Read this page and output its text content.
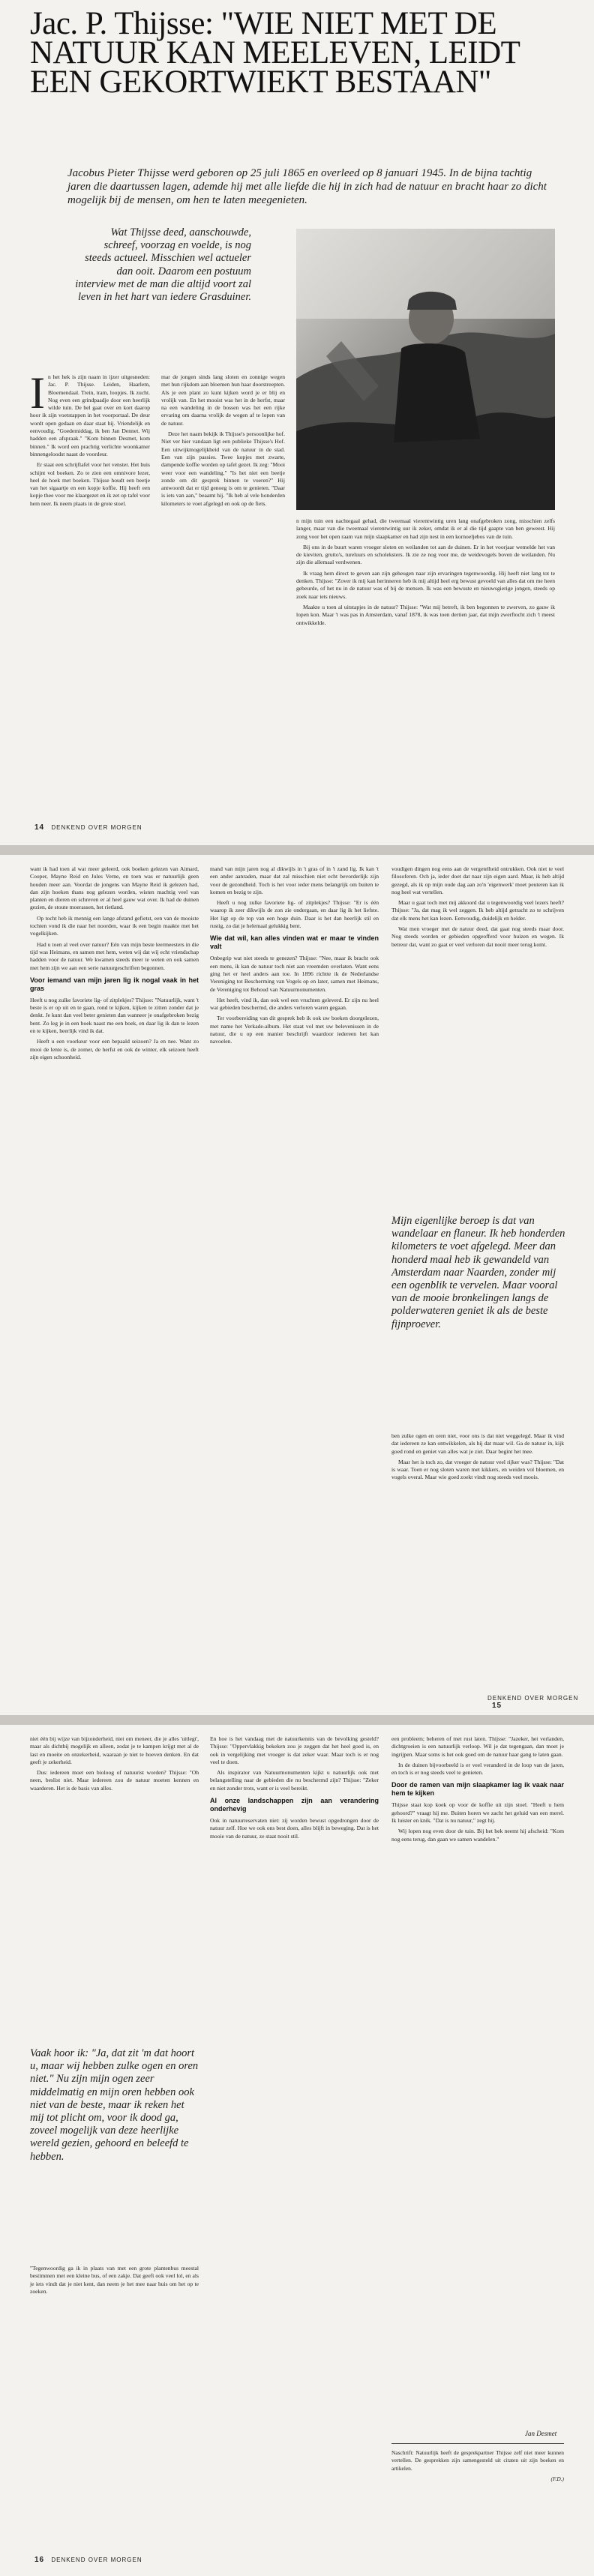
Jac. P. Thijsse: "WIE NIET MET DE NATUUR KAN MEELEVEN, LEIDT EEN GEKORTWIEKT BESTAAN"
Jacobus Pieter Thijsse werd geboren op 25 juli 1865 en overleed op 8 januari 1945. In de bijna tachtig jaren die daartussen lagen, ademde hij met alle liefde die hij in zich had de natuur en bracht haar zo dicht mogelijk bij de mensen, om hen te laten meegenieten.
Wat Thijsse deed, aanschouwde, schreef, voorzag en voelde, is nog steeds actueel. Misschien wel actueler dan ooit. Daarom een postuum interview met de man die altijd voort zal leven in het hart van iedere Grasduiner.

In het hek is zijn naam in ijzer uitgesneden: Jac. P. Thijsse. Leiden, Haarlem, Bloemendaal. Trein, tram, loopjes. Ik zucht. Nog even een grindpaadje door een heerlijk wilde tuin. De bel gaat over en kort daarop hoor ik zijn voetstappen in het voorportaal. De deur wordt open gedaan en daar staat hij. Vriendelijk en eenvoudig. "Goedemiddag, ik ben Jan Dennet. Wij hadden een afspraak." "Kom binnen Desmet, kom binnen." Ik word een prachtig verlichte woonkamer binnengeloodst naast de voordeur.

Er staat een schrijftafel voor het venster. Het huis schijnt vol boeken. Zo te zien een omnivore lezer, heel de hoek met boeken. Thijsse houdt een beetje van het sigaartje en een kopje koffie. Hij heeft een kopje thee voor me klaargezet en ik zet op tafel voor hem neer. Ik neem plaats in de grote stoel.

mar de jongen sinds lang sloten en zonnige wegen met hun rijkdom aan bloemen hun haar doorstreepten. Als je een plant zo kunt kijken word je er blij en vrolijk van. En het mooist was het in de herfst, maar na een wandeling in de bossen was het een rijke ervaring om daarna vrolijk de wegen af te lopen van de natuur.

Deze het naam bekijk ik Thijsse's persoonlijke hof. Niet ver hier vandaan ligt een publieke Thijsse's Hof. Een uitwijkmogelijkheid van de natuur in de stad. Een van zijn passies. Twee kopjes met zwarte, dampende koffie worden op tafel gezet. Ik zeg: "Mooi weer voor een wandeling." "Is het niet een beetje zonde om dit gesprek binnen te voeren?" Hij antwoordt dat er tijd genoeg is om te genieten. "Daar is iets van aan," beaamt hij. "Ik heb al vele honderden kilometers te voet afgelegd en ook op de fiets.

n mijn tuin een nachtegaal gehad, die tweemaal vierentwintig uren lang onafgebroken zong, misschien zelfs langer, maar van die tweemaal vierentwintig uur ik zeker, omdat ik er al die tijd gaapte van ben geweest. Hij zong voor het open raam van mijn slaapkamer en had zijn nest in een kornoeljebos van de tuin.

Bij ons in de buurt waren vroeger sloten en weilanden tot aan de duinen. Er in het voorjaar wemelde het van de kieviten, grutto's, tureluurs en scholeksters. Ik zie ze nog voor me, de weidevogels boven de weilanden. Nu zijn die allemaal verdwenen.

Ik vraag hem direct te geven aan zijn geheugen naar zijn ervaringen tegenwoordig. Hij heeft niet lang tot te denken. Thijsse: "Zover ik mij kan herinneren heb ik mij altijd heel erg bewust gevoeld van alles dat om me heen gebeurde, of het nu in de natuur was of bij de mensen. Ik was een bewuste en nieuwsgierige jongen, steeds op zoek naar iets nieuws.

Maakte u toen al uitstapjes in de natuur? Thijsse: "Wat mij betreft, ik ben begonnen te zwerven, zo gauw ik lopen kon. Maar 't was pas in Amsterdam, vanaf 1878, ik was toen dertien jaar, dat mijn zwerftocht zich 't meest ontwikkelde.

14 DENKEND OVER MORGEN

want ik had toen al wat meer geleerd, ook boeken gelezen van Aimard, Cooper, Mayne Reid en Jules Verne, en toen was er natuurlijk geen houden meer aan. Voordat de jongens van Mayne Reid ik gelezen had, dan zijn hoeken thans nog gelezen worden, wisten machtig veel van planten en dieren en schreven er al heel gauw wat over. Ik had de duinen gezien, de stoute moerassen, het rietland.

Op tocht heb ik mennig een lange afstand gefietst, een van de mooiste tochten vond ik die naar het noorden, waar ik een begin maakte met het vogelkijken.

Had u toen al veel over natuur? Eén van mijn beste leermeesters in die tijd was Heimans, en samen met hem, weten wij dat wij echt vriendschap hadden voor de natuur. We kwamen steeds meer te weten en ook samen met hem zijn we aan een serie natuurgeschriften begonnen.

Voor iemand van mijn jaren lig ik nogal vaak in het gras

Heeft u nog zulke favoriete lig- of zitplekjes? Thijsse: "Natuurlijk, want 't beste is er op uit en te gaan, rond te kijken, kijken te zitten zonder dat je denkt. Je kunt dan veel beter genieten dan wanneer je onafgebroken bezig bent. Zo leg je in een boek naast me een boek, en daar lig ik dan te lezen en te kijken, heerlijk vind ik dat.

Heeft u een voorkeur voor een bepaald seizoen? Ja en nee. Want zo mooi de lente is, de zomer, de herfst en ook de winter, elk seizoen heeft zijn eigen schoonheid.

mand van mijn jaren nog al dikwijls in 't gras of in 't zand lig. Ik kan 't een ander aanraden, maar dat zal misschien niet echt bevorderlijk zijn voor de gezondheid. Toch is het voor ieder mens belangrijk om buiten te komen en bezig te zijn.

Heeft u nog zulke favoriete lig- of zitplekjes? Thijsse: "Er is één waarop ik zeer dikwijls de zon zie ondergaan, en daar lig ik het liefste. Het ligt op de top van een hoge duin. Daar is het dan heerlijk stil en rustig, zo dat je helemaal gelukkig bent.

Wie dat wil, kan alles vinden wat er maar te vinden valt

Onbegrip wat niet steeds te genezen? Thijsse: "Nee, maar ik bracht ook een mens, ik kan de natuur toch niet aan vreemden overlaten. Want eens ging het er heel anders aan toe. In 1896 richtte ik de Nederlandse Vereniging tot Bescherming van Vogels op en later, samen met Heimans, de Vereniging tot Behoud van Natuurmonumenten.

Het heeft, vind ik, dan ook wel een vruchten geleverd. Er zijn nu heel wat gebieden beschermd, die anders verloren waren gegaan.

Ter voorbereiding van dit gesprek heb ik ook uw boeken doorgelezen, met name het Verkade-album. Het staat vol met uw belevenissen in de natuur, die u op een manier beschrijft waardoor iedereen het kan navoelen.

voudigen dingen nog eens aan de vergetelheid ontrukken. Ook niet te veel filosoferen. Och ja, ieder doet dat naar zijn eigen aard. Maar, ik heb altijd gezegd, als ik op mijn oude dag aan zo'n 'eigenwerk' moet peuteren kan ik nog heel wat vertellen.

Maar u gaat toch met mij akkoord dat u tegenwoordig veel lezers heeft? Thijsse: "Ja, dat mag ik wel zeggen. Ik heb altijd getracht zo te schrijven dat elk mens het kan lezen. Eenvoudig, duidelijk en helder.

Wat men vroeger met de natuur deed, dat gaat nog steeds maar door. Nog steeds worden er gebieden opgeofferd voor huizen en wegen. Ik betreur dat, want zo gaat er veel verloren dat nooit meer terug komt.

Mijn eigenlijke beroep is dat van wandelaar en flaneur. Ik heb honderden kilometers te voet afgelegd. Meer dan honderd maal heb ik gewandeld van Amsterdam naar Naarden, zonder mij een ogenblik te vervelen. Maar vooral van de mooie bronkelingen langs de polderwateren geniet ik als de beste fijnproever.

ben zulke ogen en oren niet, voor ons is dat niet weggelegd. Maar ik vind dat iedereen ze kan ontwikkelen, als hij dat maar wil. Ga de natuur in, kijk goed rond en geniet van alles wat je ziet. Daar begint het mee.

Maar het is toch zo, dat vroeger de natuur veel rijker was? Thijsse: "Dat is waar. Toen er nog sloten waren met kikkers, en weiden vol bloemen, en vogels overal. Maar wie goed zoekt vindt nog steeds veel moois.

DENKEND OVER MORGEN 15

niet één bij wijze van bijzonderheid, niet om meneer, die je alles 'uitlegt', maar als dichtbij mogelijk en alleen, zodat je te kampen krijgt met al de last en moeite en onzekerheid, waaraan je niet te hoeven denken. En dat geeft je zekerheid.

Dus: iedereen moet een bioloog of natuurist worden? Thijsse: "Oh neen, beslist niet. Maar iedereen zou de natuur moeten kennen en waarderen. Het is de basis van alles.

Vaak hoor ik: "Ja, dat zit 'm dat hoort u, maar wij hebben zulke ogen en oren niet." Nu zijn mijn ogen zeer middelmatig en mijn oren hebben ook niet van de beste, maar ik reken het mij tot plicht om, voor ik dood ga, zoveel mogelijk van deze heerlijke wereld gezien, gehoord en beleefd te hebben.

"Tegenwoordig ga ik in plaats van met een grote plantenbus meestal bestimmen met een kleine bus, of een zakje. Dat geeft ook veel lol, en als je iets vindt dat je niet kent, dan neem je het mee naar huis om het op te zoeken.

En hoe is het vandaag met de natuurkennis van de bevolking gesteld? Thijsse: "Oppervlakkig bekeken zou je zeggen dat het heel goed is, en ook in vergelijking met vroeger is dat zeker waar. Maar toch is er nog veel te doen.

Als inspirator van Natuurmonumenten kijkt u natuurlijk ook met belangstelling naar de gebieden die nu beschermd zijn? Thijsse: "Zeker en niet zonder trots, want er is veel bereikt.

Al onze landschappen zijn aan verandering onderhevig

Ook in natuurreservaten niet: zij worden bewust opgedrongen door de natuur zelf. Hoe we ook ons best doen, alles blijft in beweging. Dat is het mooie van de natuur, ze staat nooit stil.

een probleem; beheren of met rust laten. Thijsse: "Jazeker, het verlanden, dichtgroeien is een natuurlijk verloop. Wil je dat tegengaan, dan moet je ingrijpen. Maar soms is het ook goed om de natuur haar gang te laten gaan.

In de duinen bijvoorbeeld is er veel veranderd in de loop van de jaren, en toch is er nog steeds veel te genieten.

Door de ramen van mijn slaapkamer lag ik vaak naar hem te kijken

Thijsse staat kop koek op voor de koffie uit zijn stoel. "Heeft u hem gehoord?" vraagt hij me. Buiten horen we zacht het geluid van een merel. Ik luister en knik. "Dat is nu natuur," zegt hij.

Wij lopen nog even door de tuin. Bij het hek neemt hij afscheid: "Kom nog eens terug, dan gaan we samen wandelen."

Jan Desmet

Naschrift: Natuurlijk heeft de gesprekpartner Thijsse zelf niet meer kunnen vertellen. De gesprekken zijn samengesteld uit citaten uit zijn boeken en artikelen.

(F.D.)

16 DENKEND OVER MORGEN
